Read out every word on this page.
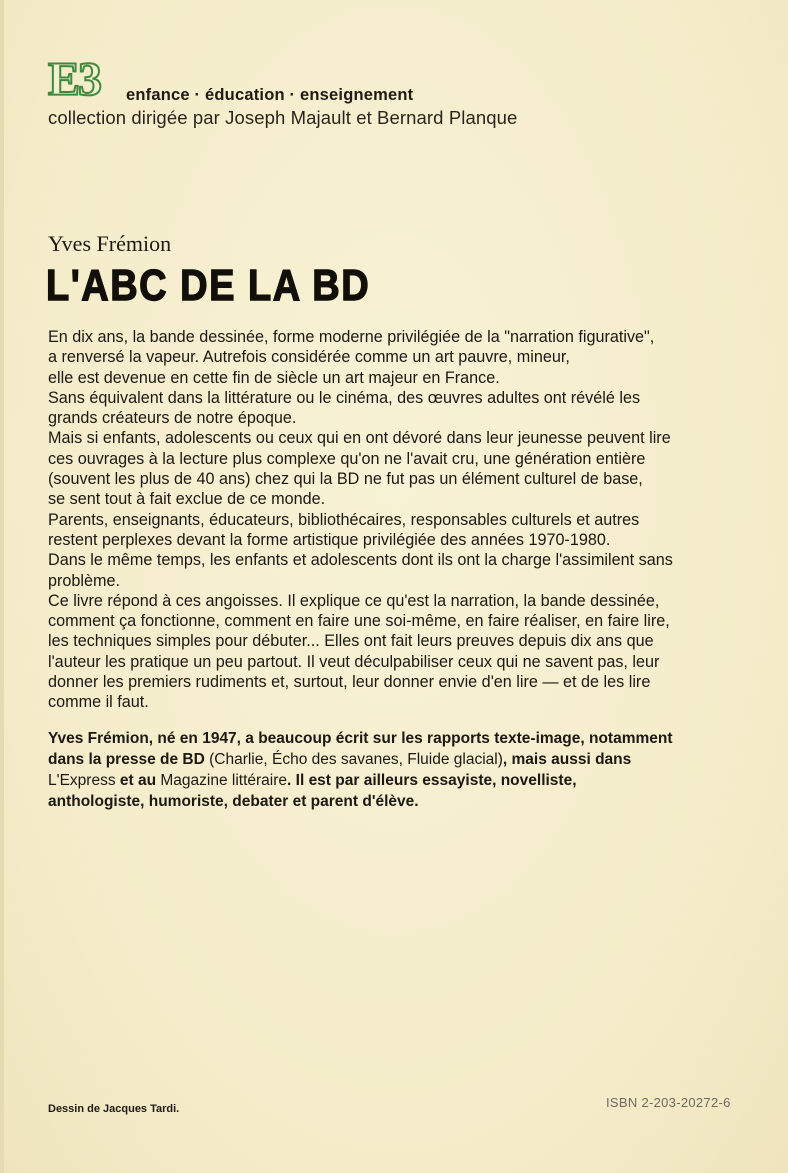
E3 enfance · éducation · enseignement
collection dirigée par Joseph Majault et Bernard Planque
Yves Frémion
L'ABC DE LA BD
En dix ans, la bande dessinée, forme moderne privilégiée de la "narration figurative",
a renversé la vapeur. Autrefois considérée comme un art pauvre, mineur,
elle est devenue en cette fin de siècle un art majeur en France.
Sans équivalent dans la littérature ou le cinéma, des œuvres adultes ont révélé les
grands créateurs de notre époque.
Mais si enfants, adolescents ou ceux qui en ont dévoré dans leur jeunesse peuvent lire
ces ouvrages à la lecture plus complexe qu'on ne l'avait cru, une génération entière
(souvent les plus de 40 ans) chez qui la BD ne fut pas un élément culturel de base,
se sent tout à fait exclue de ce monde.
Parents, enseignants, éducateurs, bibliothécaires, responsables culturels et autres
restent perplexes devant la forme artistique privilégiée des années 1970-1980.
Dans le même temps, les enfants et adolescents dont ils ont la charge l'assimilent sans
problème.
Ce livre répond à ces angoisses. Il explique ce qu'est la narration, la bande dessinée,
comment ça fonctionne, comment en faire une soi-même, en faire réaliser, en faire lire,
les techniques simples pour débuter... Elles ont fait leurs preuves depuis dix ans que
l'auteur les pratique un peu partout. Il veut déculpabiliser ceux qui ne savent pas, leur
donner les premiers rudiments et, surtout, leur donner envie d'en lire — et de les lire
comme il faut.
Yves Frémion, né en 1947, a beaucoup écrit sur les rapports texte-image, notamment
dans la presse de BD (Charlie, Écho des savanes, Fluide glacial), mais aussi dans
L'Express et au Magazine littéraire. Il est par ailleurs essayiste, novelliste,
anthologiste, humoriste, debater et parent d'élève.
Dessin de Jacques Tardi.	ISBN 2-203-20272-6
